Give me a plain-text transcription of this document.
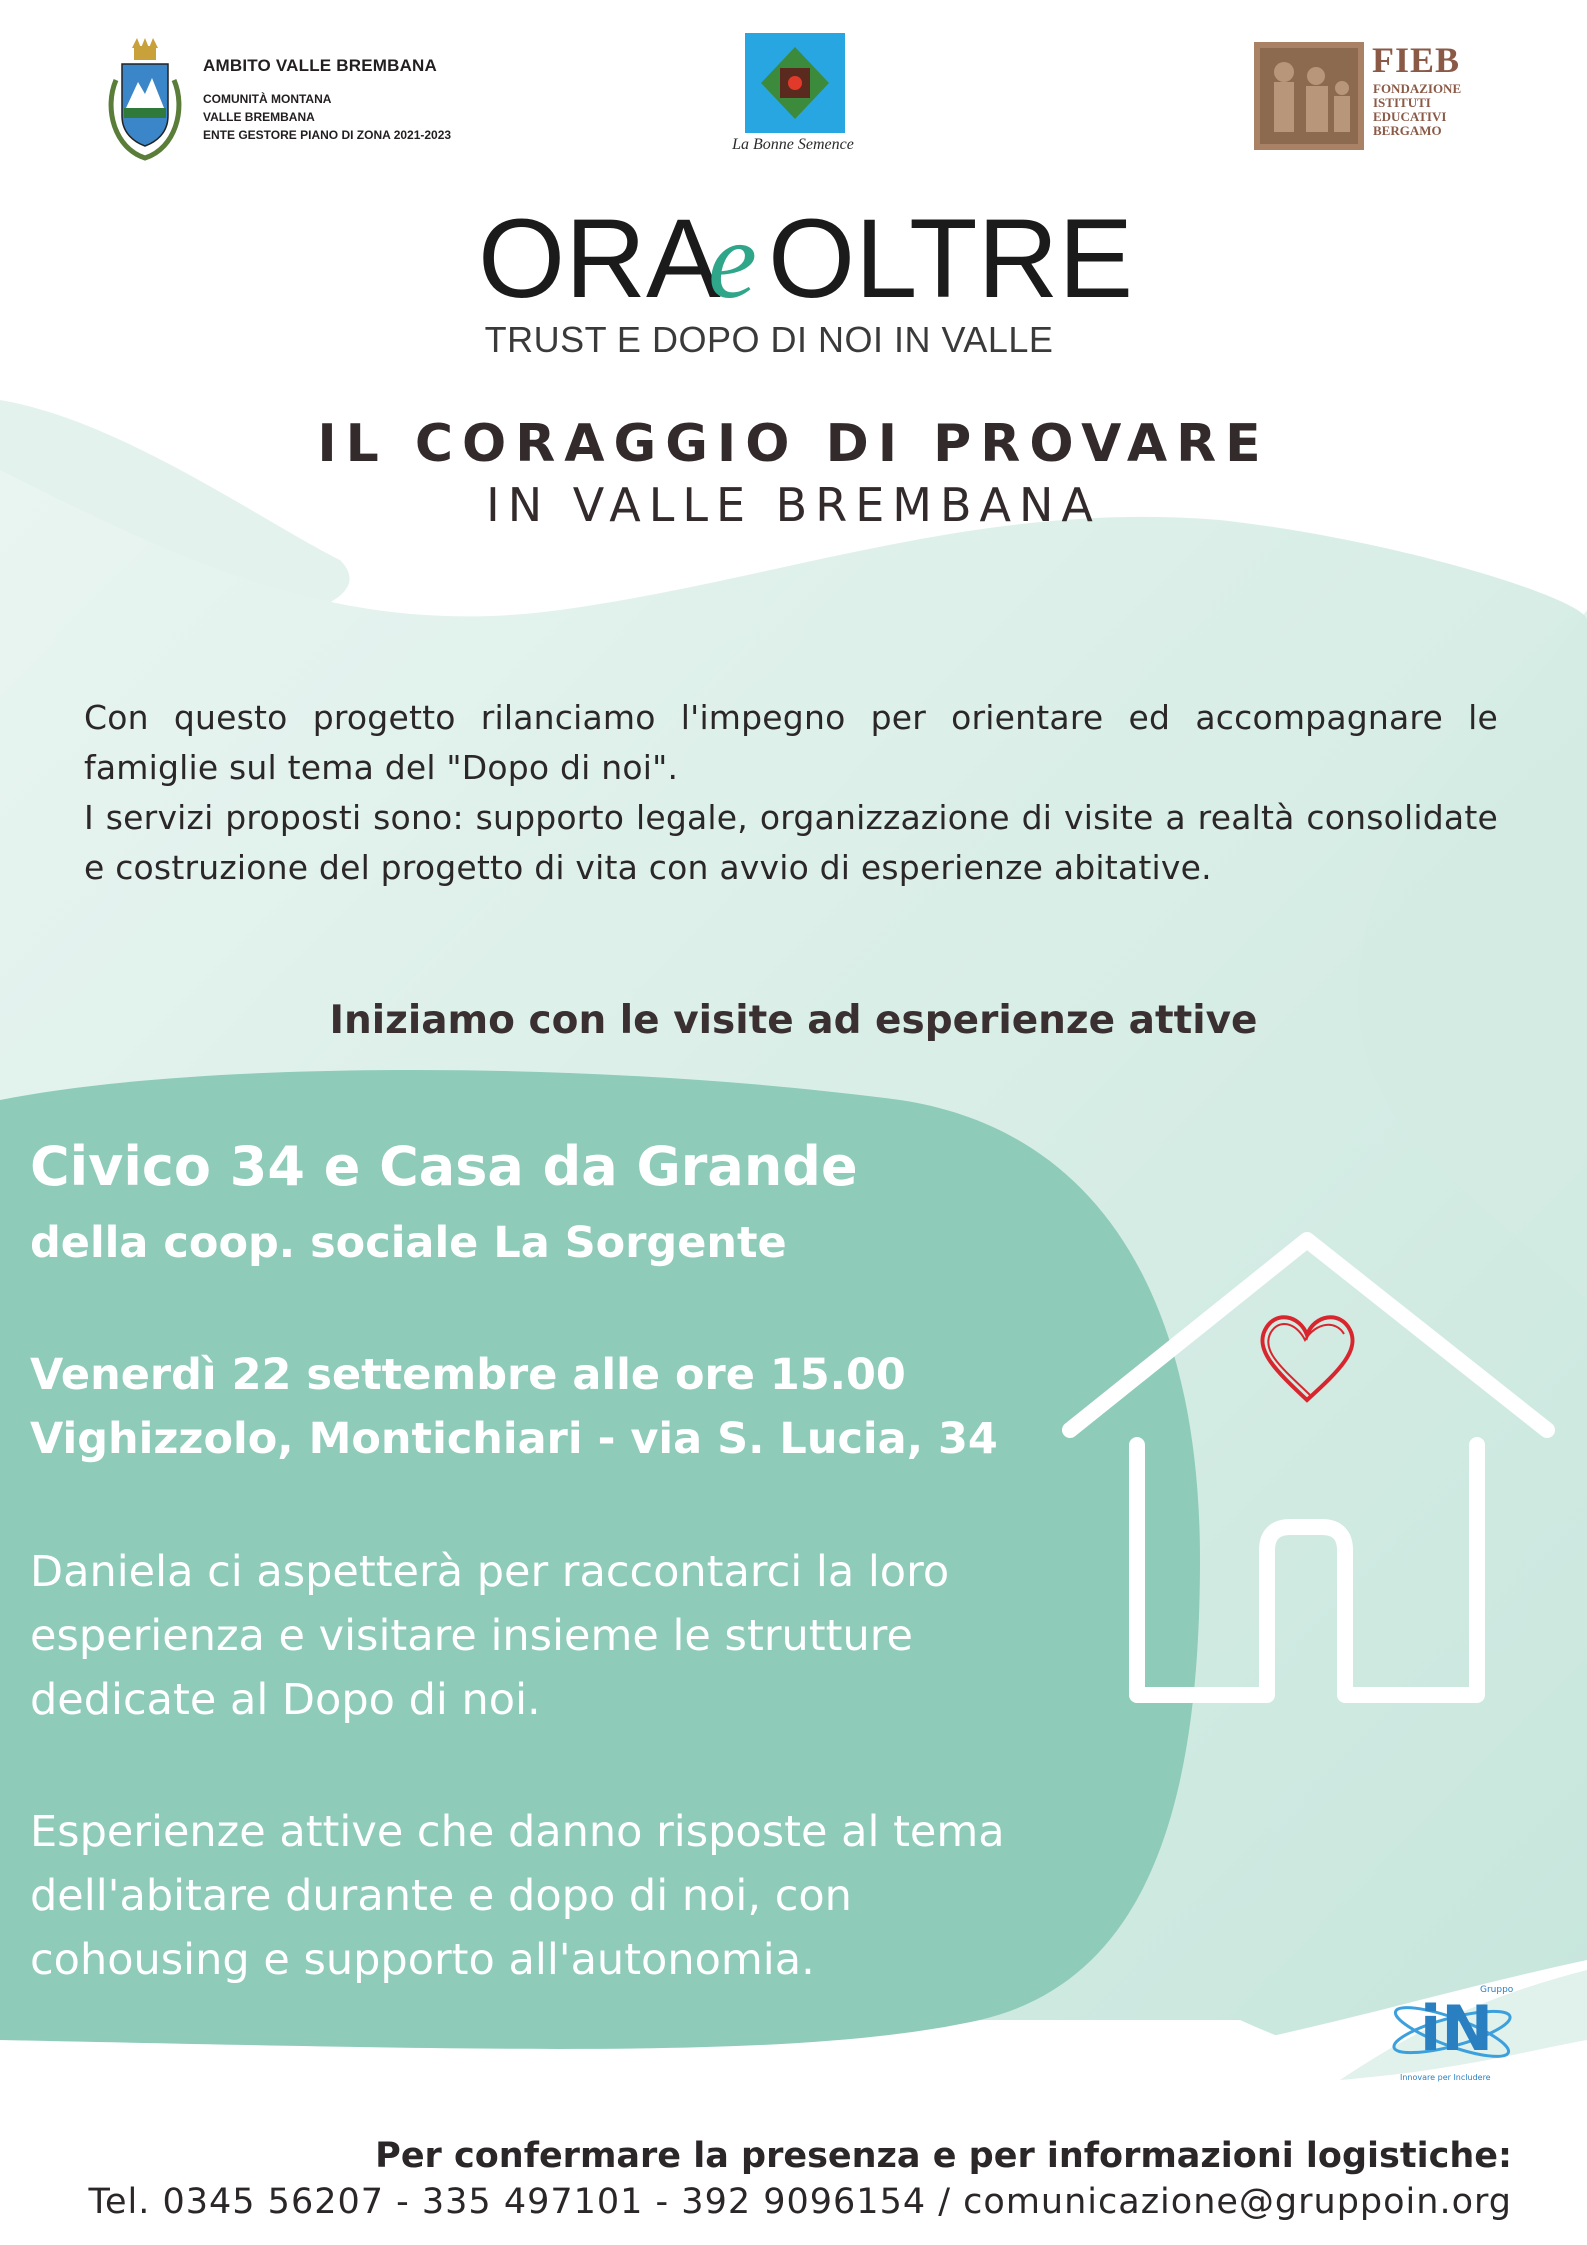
AMBITO VALLE BREMBANA
COMUNITÀ MONTANA
VALLE BREMBANA
ENTE GESTORE PIANO DI ZONA 2021-2023
La Bonne Semence
FIEB
FONDAZIONE
ISTITUTI
EDUCATIVI
BERGAMO
ORA
e OLTRE
TRUST E DOPO DI NOI IN VALLE
IL CORAGGIO DI PROVARE
IN VALLE BREMBANA

Con questo progetto rilanciamo l'impegno per orientare ed accompagnare le famiglie sul tema del "Dopo di noi".

I servizi proposti sono: supporto legale, organizzazione di visite a realtà consolidate e costruzione del progetto di vita con avvio di esperienze abitative.

Iniziamo con le visite ad esperienze attive
Civico 34 e Casa da Grande
della coop. sociale La Sorgente
Venerdì 22 settembre alle ore 15.00
Vighizzolo, Montichiari - via S. Lucia, 34
Daniela ci aspetterà per raccontarci la loro
esperienza e visitare insieme le strutture
dedicate al Dopo di noi.
Esperienze attive che danno risposte al tema
dell'abitare durante e dopo di noi, con
cohousing e supporto all'autonomia.
iN
Gruppo
Innovare per Includere
Per confermare la presenza e per informazioni logistiche:
Tel. 0345 56207 - 335 497101 - 392 9096154 / comunicazione@gruppoin.org
